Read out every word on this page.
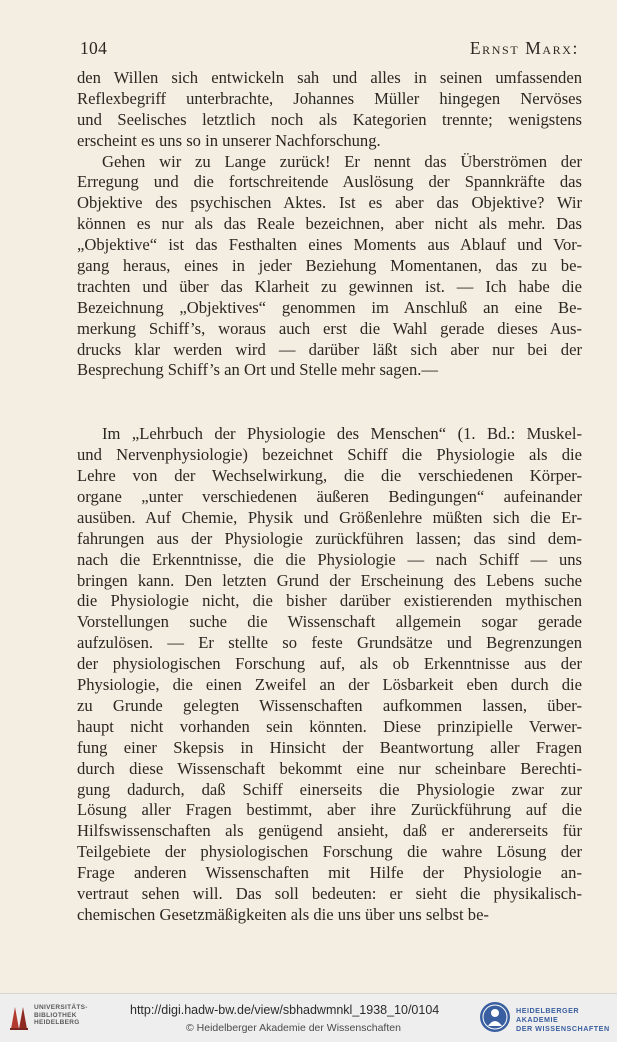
104	Ernst Marx:
den Willen sich entwickeln sah und alles in seinen umfassenden
Reflexbegriff unterbrachte, Johannes Müller hingegen Nervöses
und Seelisches letztlich noch als Kategorien trennte; wenigstens
erscheint es uns so in unserer Nachforschung.
Gehen wir zu Lange zurück! Er nennt das Überströmen der
Erregung und die fortschreitende Auslösung der Spannkräfte das
Objektive des psychischen Aktes. Ist es aber das Objektive? Wir
können es nur als das Reale bezeichnen, aber nicht als mehr. Das
„Objektive“ ist das Festhalten eines Moments aus Ablauf und Vor-
gang heraus, eines in jeder Beziehung Momentanen, das zu be-
trachten und über das Klarheit zu gewinnen ist. — Ich habe die
Bezeichnung „Objektives“ genommen im Anschluß an eine Be-
merkung Schiff’s, woraus auch erst die Wahl gerade dieses Aus-
drucks klar werden wird — darüber läßt sich aber nur bei der
Besprechung Schiff’s an Ort und Stelle mehr sagen.—
Im „Lehrbuch der Physiologie des Menschen“ (1. Bd.: Muskel-
und Nervenphysiologie) bezeichnet Schiff die Physiologie als die
Lehre von der Wechselwirkung, die die verschiedenen Körper-
organe „unter verschiedenen äußeren Bedingungen“ aufeinander
ausüben. Auf Chemie, Physik und Größenlehre müßten sich die Er-
fahrungen aus der Physiologie zurückführen lassen; das sind dem-
nach die Erkenntnisse, die die Physiologie — nach Schiff — uns
bringen kann. Den letzten Grund der Erscheinung des Lebens suche
die Physiologie nicht, die bisher darüber existierenden mythischen
Vorstellungen suche die Wissenschaft allgemein sogar gerade
aufzulösen. — Er stellte so feste Grundsätze und Begrenzungen
der physiologischen Forschung auf, als ob Erkenntnisse aus der
Physiologie, die einen Zweifel an der Lösbarkeit eben durch die
zu Grunde gelegten Wissenschaften aufkommen lassen, über-
haupt nicht vorhanden sein könnten. Diese prinzipielle Verwer-
fung einer Skepsis in Hinsicht der Beantwortung aller Fragen
durch diese Wissenschaft bekommt eine nur scheinbare Berechti-
gung dadurch, daß Schiff einerseits die Physiologie zwar zur
Lösung aller Fragen bestimmt, aber ihre Zurückführung auf die
Hilfswissenschaften als genügend ansieht, daß er andererseits für
Teilgebiete der physiologischen Forschung die wahre Lösung der
Frage anderen Wissenschaften mit Hilfe der Physiologie an-
vertraut sehen will. Das soll bedeuten: er sieht die physikalisch-
chemischen Gesetzmäßigkeiten als die uns über uns selbst be-
UNIVERSITÄTS-
BIBLIOTHEK
HEIDELBERG
http://digi.hadw-bw.de/view/sbhadwmnkl_1938_10/0104
© Heidelberger Akademie der Wissenschaften
HEIDELBERGER AKADEMIE
DER WISSENSCHAFTEN
